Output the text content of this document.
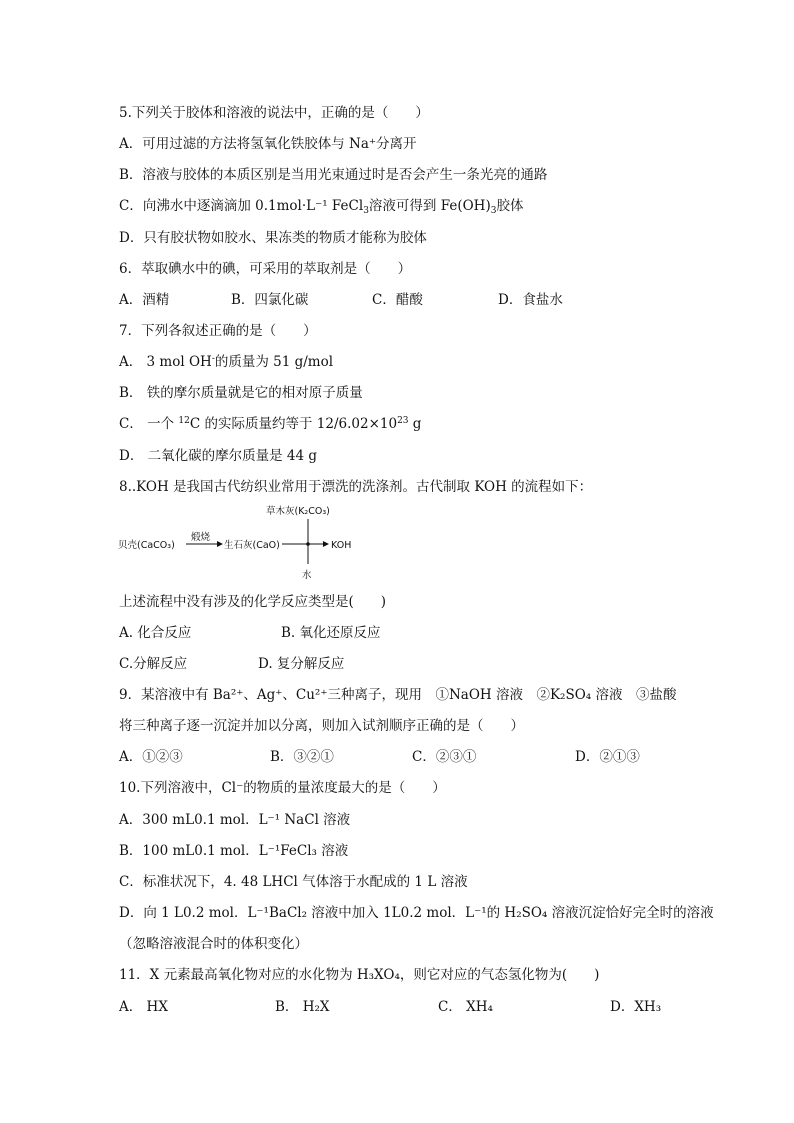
5.下列关于胶体和溶液的说法中，正确的是（　　）
A．可用过滤的方法将氢氧化铁胶体与 Na⁺分离开
B．溶液与胶体的本质区别是当用光束通过时是否会产生一条光亮的通路
C．向沸水中逐滴滴加 0.1mol·L⁻¹ FeCl$_3$溶液可得到 $Fe(OH)_3$胶体
D．只有胶状物如胶水、果冻类的物质才能称为胶体
6．萃取碘水中的碘，可采用的萃取剂是（　　）
A．酒精	B．四氯化碳	C．醋酸	D．食盐水
7．下列各叙述正确的是（　　）
A． 3 mol OH-的质量为 51 g/mol
B． 铁的摩尔质量就是它的相对原子质量
C． 一个 $^{12}$C 的实际质量约等于 $12/6.02\times 10^{23}$ g
D． 二氧化碳的摩尔质量是 44 g
8..KOH 是我国古代纺织业常用于漂洗的洗涤剂。古代制取 KOH 的流程如下：
草木灰(K₂CO₃)
贝壳(CaCO₃)
煅烧
生石灰(CaO)	KOH
水
上述流程中没有涉及的化学反应类型是(　　)
A. 化合反应	B. 氧化还原反应
C.分解反应	D. 复分解反应
9．某溶液中有 Ba²⁺、Ag⁺、Cu²⁺三种离子，现用　①NaOH 溶液　②K₂SO₄ 溶液　③盐酸
将三种离子逐一沉淀并加以分离，则加入试剂顺序正确的是（　　）
A．①②③	B．③②①	C．②③①	D．②①③
10.下列溶液中，Cl⁻的物质的量浓度最大的是（　　）
A．300 mL0.1 mol．L⁻¹ NaCl 溶液
B．100 mL0.1 mol．L⁻¹FeCl₃ 溶液
C．标准状况下，4. 48 LHCl 气体溶于水配成的 1 L 溶液
D．向 1 L0.2 mol．L⁻¹BaCl₂ 溶液中加入 1L0.2 mol．L⁻¹的 H₂SO₄ 溶液沉淀恰好完全时的溶液
（忽略溶液混合时的体积变化）
11．X 元素最高氧化物对应的水化物为 H₃XO₄，则它对应的气态氢化物为(　　)
A． HX	B． H₂X	C． XH₄	D．XH₃
